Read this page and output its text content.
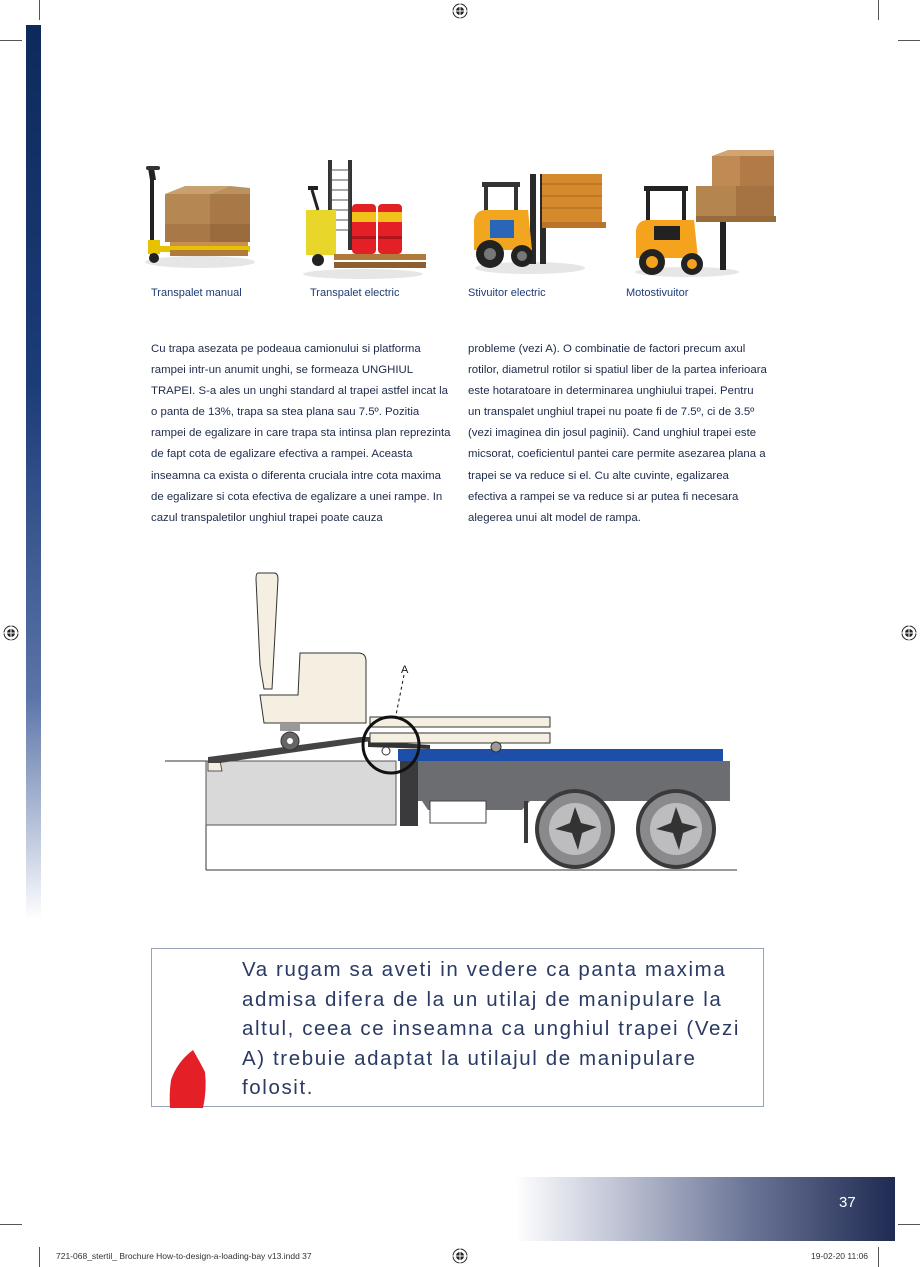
Transpalet manual	Transpalet electric	Stivuitor electric	Motostivuitor

Cu trapa asezata pe podeaua camionului si platforma rampei intr-un anumit unghi, se formeaza UNGHIUL TRAPEI. S-a ales un unghi standard al trapei astfel incat la o panta de 13%, trapa sa stea plana sau 7.5º. Pozitia rampei de egalizare in care trapa sta intinsa plan reprezinta de fapt cota de egalizare efectiva a rampei. Aceasta inseamna ca exista o diferenta cruciala intre cota maxima de egalizare si cota efectiva de egalizare a unei rampe. In cazul transpaletilor unghiul trapei poate cauza

probleme (vezi A). O combinatie de factori precum axul rotilor, diametrul rotilor si spatiul liber de la partea inferioara este hotaratoare in determinarea unghiului trapei. Pentru un transpalet unghiul trapei nu poate fi de 7.5º, ci de 3.5º (vezi imaginea din josul paginii). Cand unghiul trapei este micsorat, coeficientul pantei care permite asezarea plana a trapei se va reduce si el. Cu alte cuvinte, egalizarea efectiva a rampei se va reduce si ar putea fi necesara alegerea unui alt model de rampa.

A
Va rugam sa aveti in vedere ca panta maxima admisa difera de la un utilaj de manipulare la altul, ceea ce inseamna ca unghiul trapei (Vezi A) trebuie adaptat la utilajul de manipulare folosit.
37
721-068_stertil_ Brochure How-to-design-a-loading-bay v13.indd 37	19-02-20 11:06
